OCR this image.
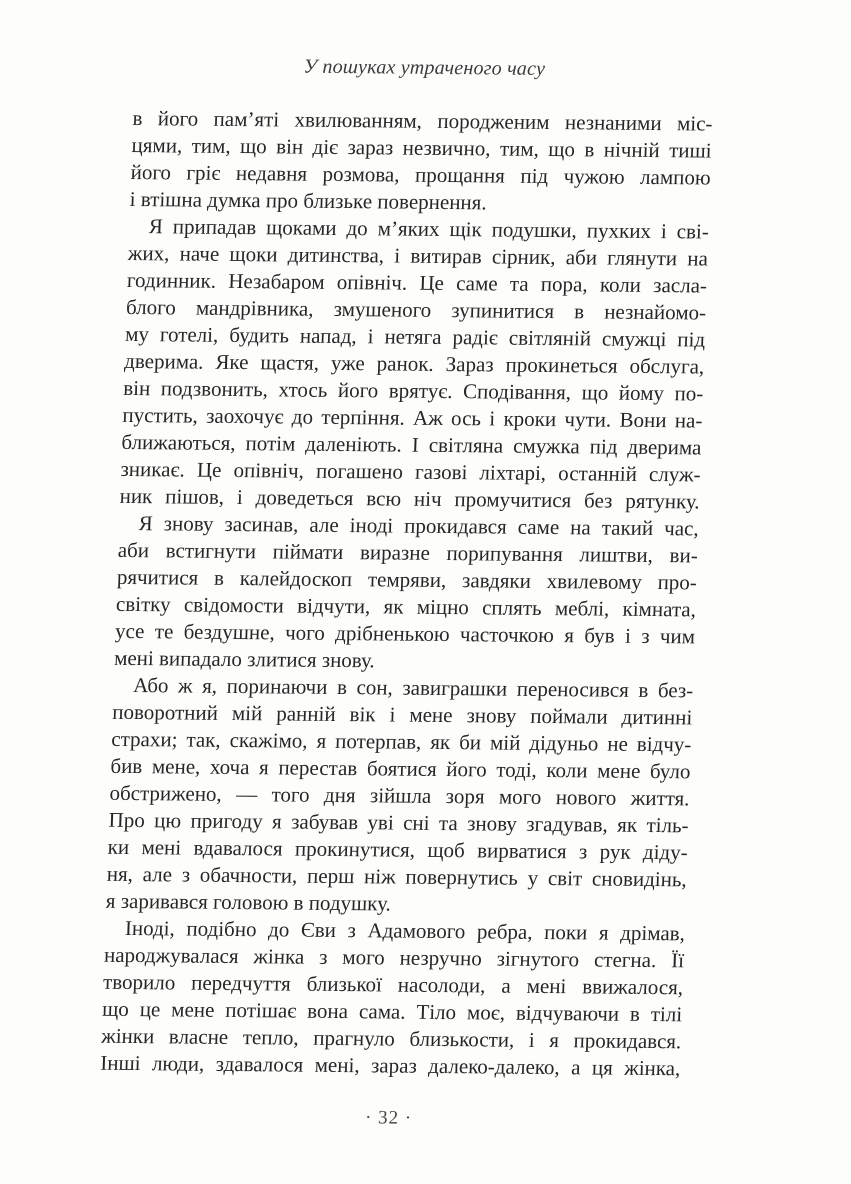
У пошуках утраченого часу
в його пам’яті хвилюванням, породженим незнаними міс-
цями, тим, що він діє зараз незвично, тим, що в нічній тиші
його гріє недавня розмова, прощання під чужою лампою
і втішна думка про близьке повернення.
Я припадав щоками до м’яких щік подушки, пухких і сві-
жих, наче щоки дитинства, і витирав сірник, аби глянути на
годинник. Незабаром опівніч. Це саме та пора, коли засла-
блого мандрівника, змушеного зупинитися в незнайомо-
му готелі, будить напад, і нетяга радіє світляній смужці під
дверима. Яке щастя, уже ранок. Зараз прокинеться обслуга,
він подзвонить, хтось його врятує. Сподівання, що йому по-
пустить, заохочує до терпіння. Аж ось і кроки чути. Вони на-
ближаються, потім даленіють. І світляна смужка під дверима
зникає. Це опівніч, погашено газові ліхтарі, останній служ-
ник пішов, і доведеться всю ніч промучитися без рятунку.
Я знову засинав, але іноді прокидався саме на такий час,
аби встигнути піймати виразне порипування лиштви, ви-
рячитися в калейдоскоп темряви, завдяки хвилевому про-
світку свідомости відчути, як міцно сплять меблі, кімната,
усе те бездушне, чого дрібненькою часточкою я був і з чим
мені випадало злитися знову.
Або ж я, поринаючи в сон, завиграшки переносився в без-
поворотний мій ранній вік і мене знову поймали дитинні
страхи; так, скажімо, я потерпав, як би мій дідуньо не відчу-
бив мене, хоча я перестав боятися його тоді, коли мене було
обстрижено, — того дня зійшла зоря мого нового життя.
Про цю пригоду я забував уві сні та знову згадував, як тіль-
ки мені вдавалося прокинутися, щоб вирватися з рук діду-
ня, але з обачности, перш ніж повернутись у світ сновидінь,
я заривався головою в подушку.
Іноді, подібно до Єви з Адамового ребра, поки я дрімав,
народжувалася жінка з мого незручно зігнутого стегна. Її
творило передчуття близької насолоди, а мені ввижалося,
що це мене потішає вона сама. Тіло моє, відчуваючи в тілі
жінки власне тепло, прагнуло близькости, і я прокидався.
Інші люди, здавалося мені, зараз далеко-далеко, а ця жінка,
· 32 ·
